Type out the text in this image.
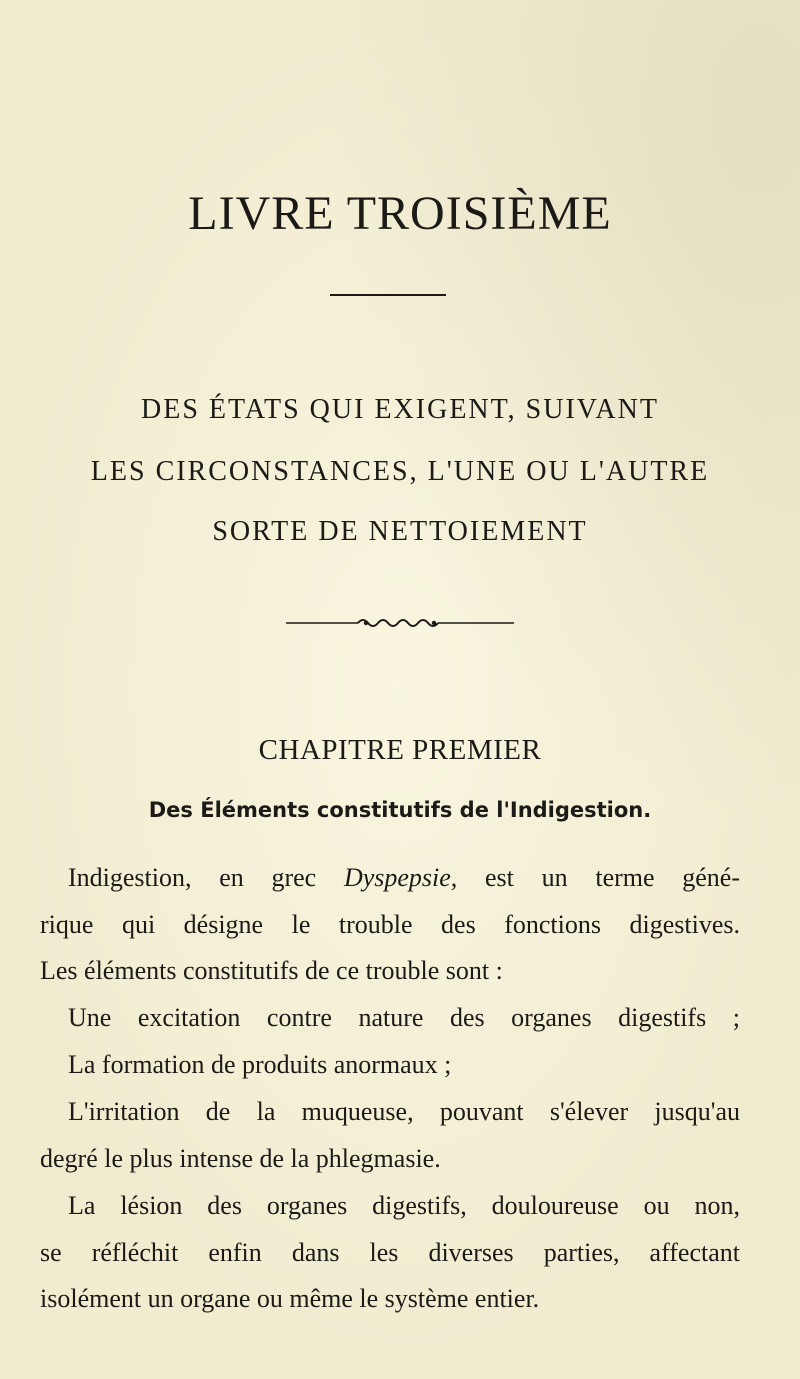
LIVRE TROISIÈME

DES ÉTATS QUI EXIGENT, SUIVANT

LES CIRCONSTANCES, L'UNE OU L'AUTRE

SORTE DE NETTOIEMENT

CHAPITRE PREMIER

Des Éléments constitutifs de l'Indigestion.

Indigestion, en grec Dyspepsie, est un terme géné-

rique qui désigne le trouble des fonctions digestives.

Les éléments constitutifs de ce trouble sont :

Une excitation contre nature des organes digestifs ;

La formation de produits anormaux ;

L'irritation de la muqueuse, pouvant s'élever jusqu'au

degré le plus intense de la phlegmasie.

La lésion des organes digestifs, douloureuse ou non,

se réfléchit enfin dans les diverses parties, affectant

isolément un organe ou même le système entier.
